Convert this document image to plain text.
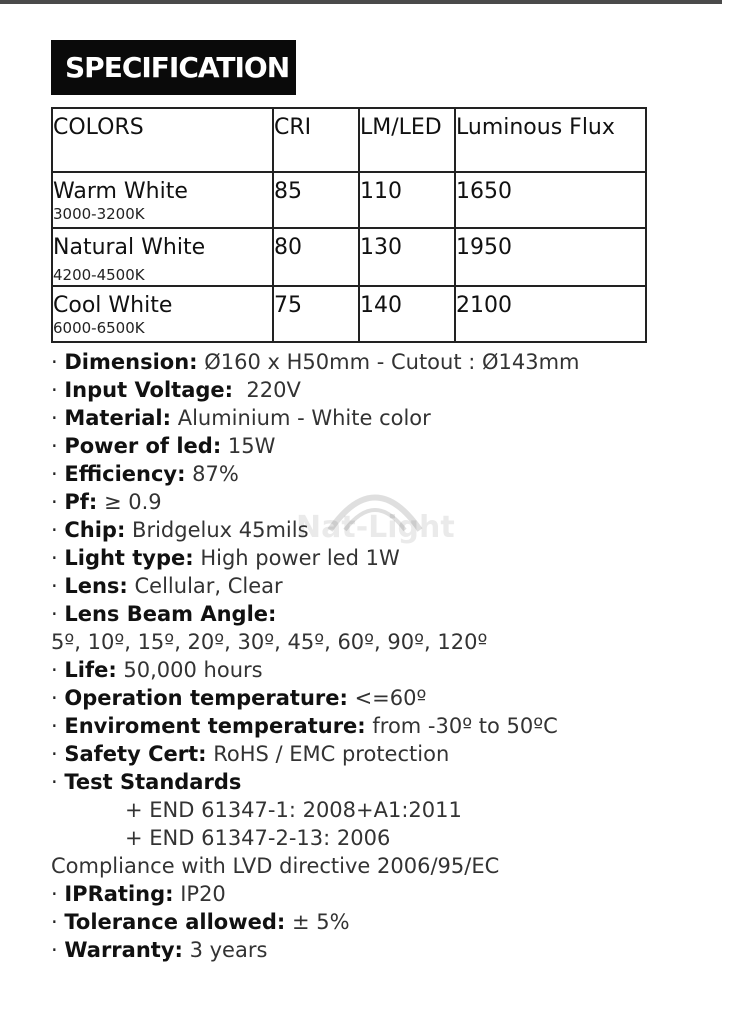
SPECIFICATION
COLORS	CRI	LM/LED	Luminous Flux
Warm White
3000-3200K	85	110	1650
Natural White
4200-4500K	80	130	1950
Cool White
6000-6500K	75	140	2100
Nat-Light
· Dimension: Ø160 x H50mm - Cutout : Ø143mm
· Input Voltage:  220V
· Material: Aluminium - White color
· Power of led: 15W
· Efficiency: 87%
· Pf: ≥ 0.9
· Chip: Bridgelux 45mils
· Light type: High power led 1W
· Lens: Cellular, Clear
· Lens Beam Angle:
5º, 10º, 15º, 20º, 30º, 45º, 60º, 90º, 120º
· Life: 50,000 hours
· Operation temperature: <=60º
· Enviroment temperature: from -30º to 50ºC
· Safety Cert: RoHS / EMC protection
· Test Standards
+ END 61347-1: 2008+A1:2011
+ END 61347-2-13: 2006
Compliance with LVD directive 2006/95/EC
· IPRating: IP20
· Tolerance allowed: ± 5%
· Warranty: 3 years
